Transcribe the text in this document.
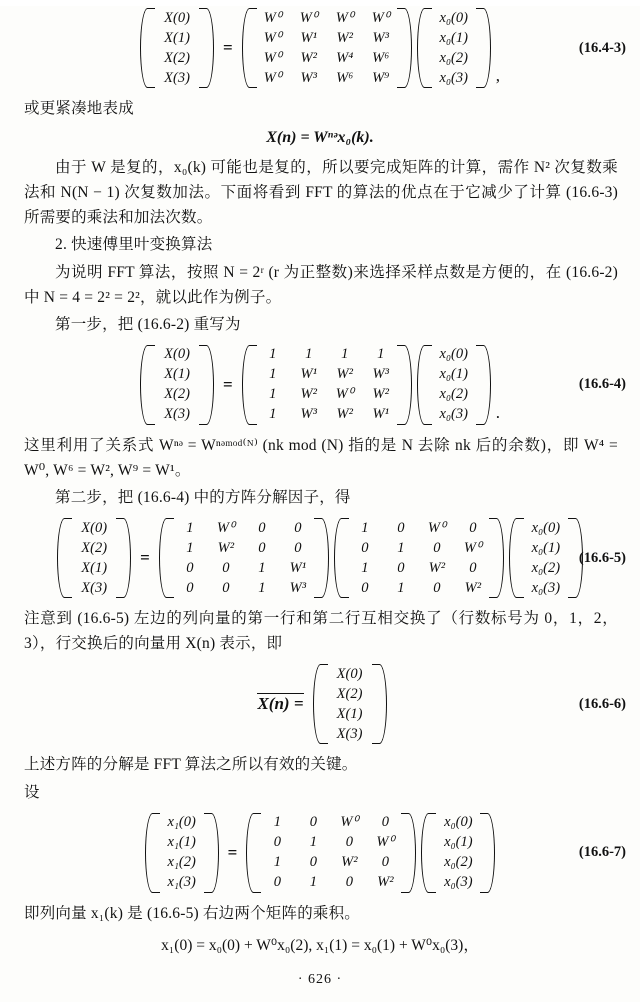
X(0)
X(1)
X(2)
X(3)
=
W⁰	W⁰	W⁰	W⁰
W⁰	W¹	W²	W³
W⁰	W²	W⁴	W⁶
W⁰	W³	W⁶	W⁹
x₀(0)
x₀(1)
x₀(2)
x₀(3)	,
(16.4-3)

或更紧凑地表成

X(n) = Wⁿᵊx₀(k).

由于 W 是复的，x₀(k) 可能也是复的，所以要完成矩阵的计算，需作 N² 次复数乘法和 N(N − 1) 次复数加法。下面将看到 FFT 的算法的优点在于它减少了计算 (16.6-3) 所需要的乘法和加法次数。

2. 快速傅里叶变换算法

为说明 FFT 算法，按照 N = 2ʳ (r 为正整数)来选择采样点数是方便的，在 (16.6-2) 中 N = 4 = 2² = 2²，就以此作为例子。

第一步，把 (16.6-2) 重写为

X(0)
X(1)
X(2)
X(3)
=
1	1	1	1
1	W¹	W²	W³
1	W²	W⁰	W²
1	W³	W²	W¹
x₀(0)
x₀(1)
x₀(2)
x₀(3)	.
(16.6-4)

这里利用了关系式 Wⁿᵊ = Wⁿᵊᵐᵒᵈ⁽ᴺ⁾ (nk mod (N) 指的是 N 去除 nk 后的余数)，即 W⁴ = W⁰, W⁶ = W², W⁹ = W¹。

第二步，把 (16.6-4) 中的方阵分解因子，得

X(0)
X(2)
X(1)
X(3)
=
1	W⁰	0	0
1	W²	0	0
0	0	1	W¹
0	0	1	W³
1	0	W⁰	0
0	1	0	W⁰
1	0	W²	0
0	1	0	W²
x₀(0)
x₀(1)
x₀(2)
x₀(3)
(16.6-5)

注意到 (16.6-5) 左边的列向量的第一行和第二行互相交换了（行数标号为 0，1，2，3），行交换后的向量用 X(n) 表示，即

X(n) =
X(0)
X(2)
X(1)
X(3)
(16.6-6)

上述方阵的分解是 FFT 算法之所以有效的关键。

设

x₁(0)
x₁(1)
x₁(2)
x₁(3)
=
1	0	W⁰	0
0	1	0	W⁰
1	0	W²	0
0	1	0	W²
x₀(0)
x₀(1)
x₀(2)
x₀(3)
(16.6-7)

即列向量 x₁(k) 是 (16.6-5) 右边两个矩阵的乘积。

x₁(0) = x₀(0) + W⁰x₀(2), x₁(1) = x₀(1) + W⁰x₀(3)，
· 626 ·
